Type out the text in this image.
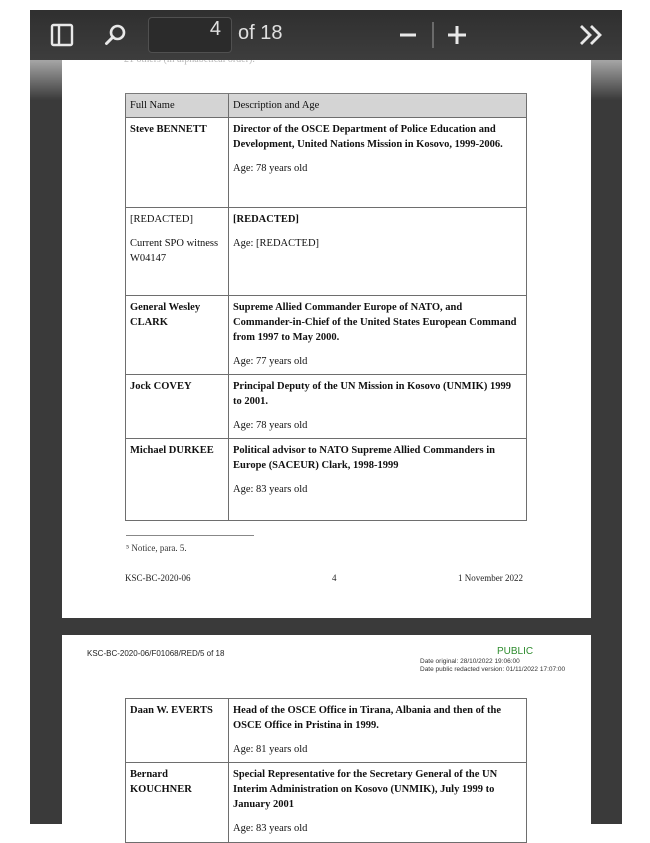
4 of 18
Full Name	Description and Age
Steve BENNETT	Director of the OSCE Department of Police Education and Development, United Nations Mission in Kosovo, 1999-2006.
Age: 78 years old

[REDACTED]
Current SPO witness W04147	[REDACTED]
Age: [REDACTED]

General Wesley CLARK	Supreme Allied Commander Europe of NATO, and Commander-in-Chief of the United States European Command from 1997 to May 2000.
Age: 77 years old

Jock COVEY	Principal Deputy of the UN Mission in Kosovo (UNMIK) 1999 to 2001.
Age: 78 years old

Michael DURKEE	Political advisor to NATO Supreme Allied Commanders in Europe (SACEUR) Clark, 1998-1999
Age: 83 years old
⁵ Notice, para. 5.
KSC-BC-2020-06	4	1 November 2022
KSC-BC-2020-06/F01068/RED/5 of 18	PUBLIC
Date original: 28/10/2022 19:06:00
Date public redacted version: 01/11/2022 17:07:00
Daan W. EVERTS	Head of the OSCE Office in Tirana, Albania and then of the OSCE Office in Pristina in 1999.
Age: 81 years old

Bernard KOUCHNER	Special Representative for the Secretary General of the UN Interim Administration on Kosovo (UNMIK), July 1999 to January 2001
Age: 83 years old
